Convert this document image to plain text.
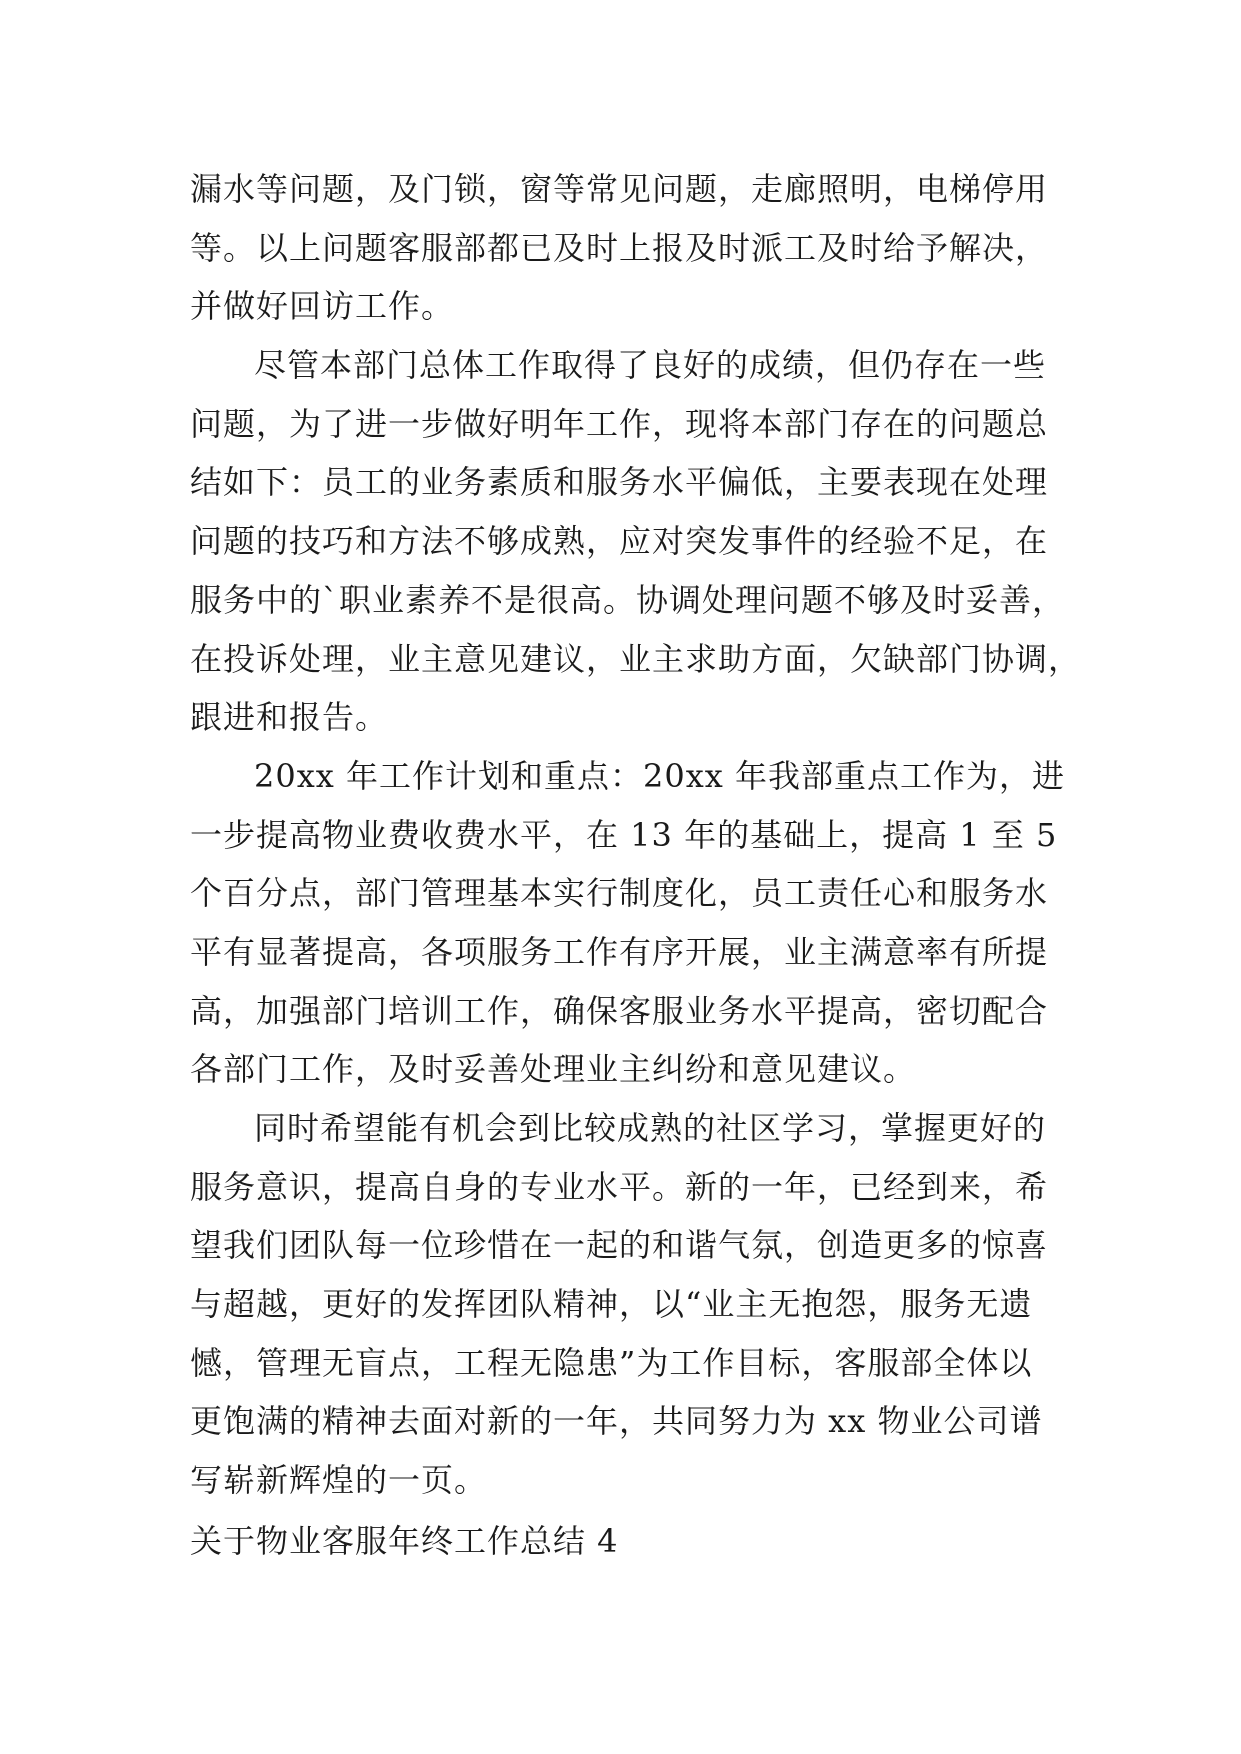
漏水等问题，及门锁，窗等常见问题，走廊照明，电梯停用
等。以上问题客服部都已及时上报及时派工及时给予解决，
并做好回访工作。
尽管本部门总体工作取得了良好的成绩，但仍存在一些
问题，为了进一步做好明年工作，现将本部门存在的问题总
结如下：员工的业务素质和服务水平偏低，主要表现在处理
问题的技巧和方法不够成熟，应对突发事件的经验不足，在
服务中的`职业素养不是很高。协调处理问题不够及时妥善，
在投诉处理，业主意见建议，业主求助方面，欠缺部门协调，
跟进和报告。
20xx 年工作计划和重点：20xx 年我部重点工作为，进
一步提高物业费收费水平，在 13 年的基础上，提高 1 至 5
个百分点，部门管理基本实行制度化，员工责任心和服务水
平有显著提高，各项服务工作有序开展，业主满意率有所提
高，加强部门培训工作，确保客服业务水平提高，密切配合
各部门工作，及时妥善处理业主纠纷和意见建议。
同时希望能有机会到比较成熟的社区学习，掌握更好的
服务意识，提高自身的专业水平。新的一年，已经到来，希
望我们团队每一位珍惜在一起的和谐气氛，创造更多的惊喜
与超越，更好的发挥团队精神，以“业主无抱怨，服务无遗
憾，管理无盲点，工程无隐患”为工作目标，客服部全体以
更饱满的精神去面对新的一年，共同努力为 xx 物业公司谱
写崭新辉煌的一页。
关于物业客服年终工作总结 4
